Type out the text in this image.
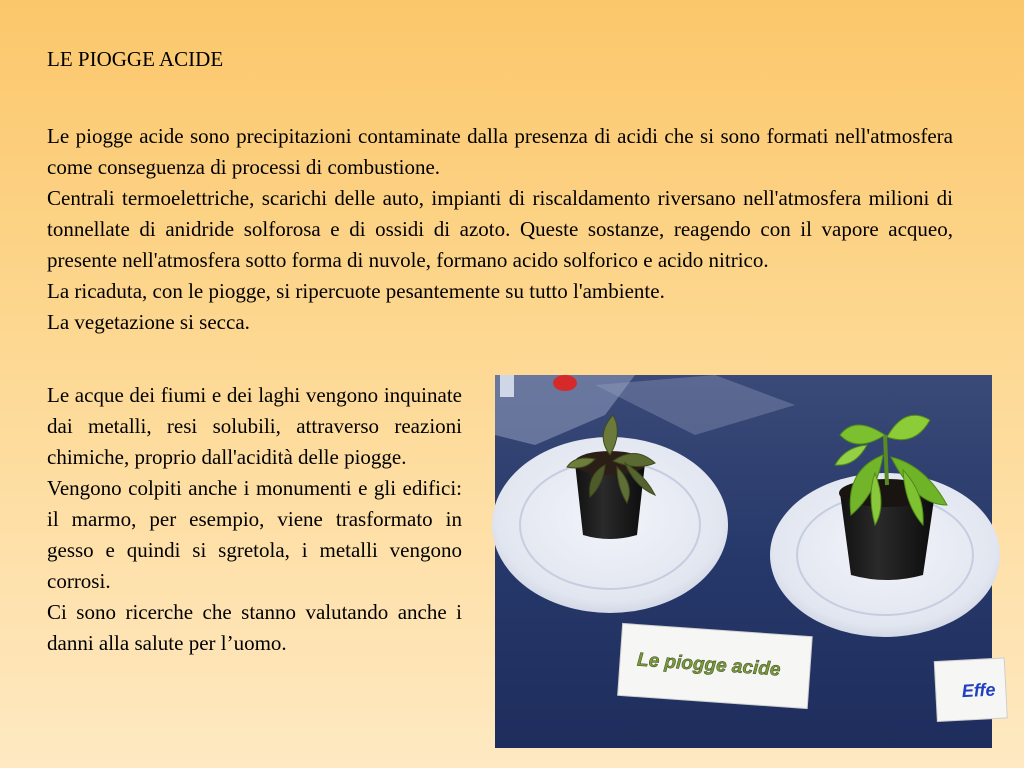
LE PIOGGE ACIDE

Le piogge acide sono precipitazioni contaminate dalla presenza di acidi che si sono formati nell'atmosfera come conseguenza di processi di combustione.

Centrali termoelettriche, scarichi delle auto, impianti di riscaldamento riversano nell'atmosfera milioni di tonnellate di anidride solforosa e di ossidi di azoto. Queste sostanze, reagendo con il vapore acqueo, presente nell'atmosfera sotto forma di nuvole, formano acido solforico e acido nitrico.

La ricaduta, con le piogge, si ripercuote pesantemente su tutto l'ambiente.

La vegetazione si secca.

Le acque dei fiumi e dei laghi vengono inquinate dai metalli, resi solubili, attraverso reazioni chimiche, proprio dall'acidità delle piogge.

Vengono colpiti anche i monumenti e gli edifici: il marmo, per esempio, viene trasformato in gesso e quindi si sgretola, i metalli vengono corrosi.

Ci sono ricerche che stanno valutando anche i danni alla salute per l’uomo.

Le piogge acide
Effe
